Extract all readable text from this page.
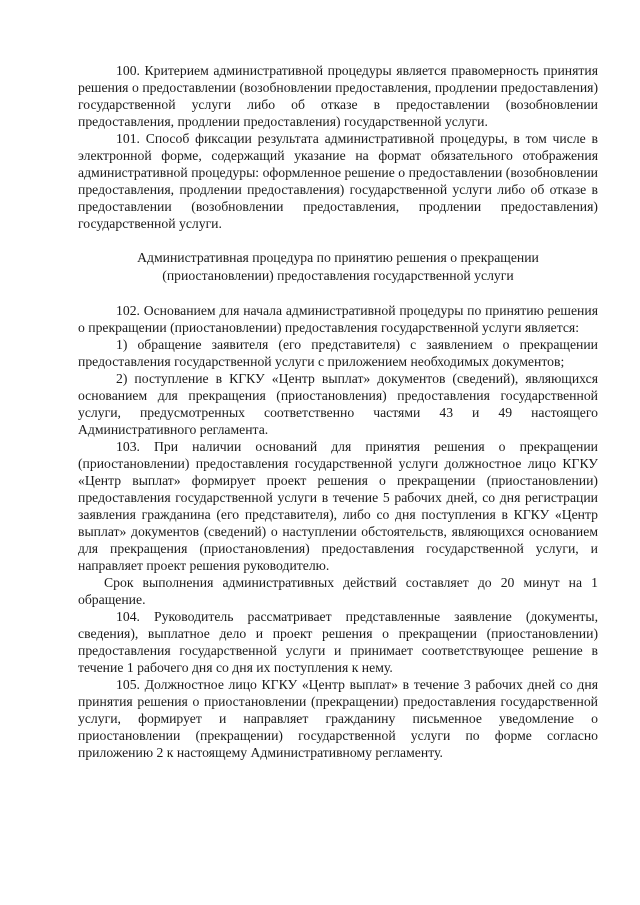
100. Критерием административной процедуры является правомерность принятия решения о предоставлении (возобновлении предоставления, продлении предоставления) государственной услуги либо об отказе в предоставлении (возобновлении предоставления, продлении предоставления) государственной услуги.

101. Способ фиксации результата административной процедуры, в том числе в электронной форме, содержащий указание на формат обязательного отображения административной процедуры: оформленное решение о предоставлении (возобновлении предоставления, продлении предоставления) государственной услуги либо об отказе в предоставлении (возобновлении предоставления, продлении предоставления) государственной услуги.

Административная процедура по принятию решения о прекращении (приостановлении) предоставления государственной услуги

102. Основанием для начала административной процедуры по принятию решения о прекращении (приостановлении) предоставления государственной услуги является:

1) обращение заявителя (его представителя) с заявлением о прекращении предоставления государственной услуги с приложением необходимых документов;

2) поступление в КГКУ «Центр выплат» документов (сведений), являющихся основанием для прекращения (приостановления) предоставления государственной услуги, предусмотренных соответственно частями 43 и 49 настоящего Административного регламента.

103. При наличии оснований для принятия решения о прекращении (приостановлении) предоставления государственной услуги должностное лицо КГКУ «Центр выплат» формирует проект решения о прекращении (приостановлении) предоставления государственной услуги в течение 5 рабочих дней, со дня регистрации заявления гражданина (его представителя), либо со дня поступления в КГКУ «Центр выплат» документов (сведений) о наступлении обстоятельств, являющихся основанием для прекращения (приостановления) предоставления государственной услуги, и направляет проект решения руководителю.

Срок выполнения административных действий составляет до 20 минут на 1 обращение.

104. Руководитель рассматривает представленные заявление (документы, сведения), выплатное дело и проект решения о прекращении (приостановлении) предоставления государственной услуги и принимает соответствующее решение в течение 1 рабочего дня со дня их поступления к нему.

105. Должностное лицо КГКУ «Центр выплат» в течение 3 рабочих дней со дня принятия решения о приостановлении (прекращении) предоставления государственной услуги, формирует и направляет гражданину письменное уведомление о приостановлении (прекращении) государственной услуги по форме согласно приложению 2 к настоящему Административному регламенту.
